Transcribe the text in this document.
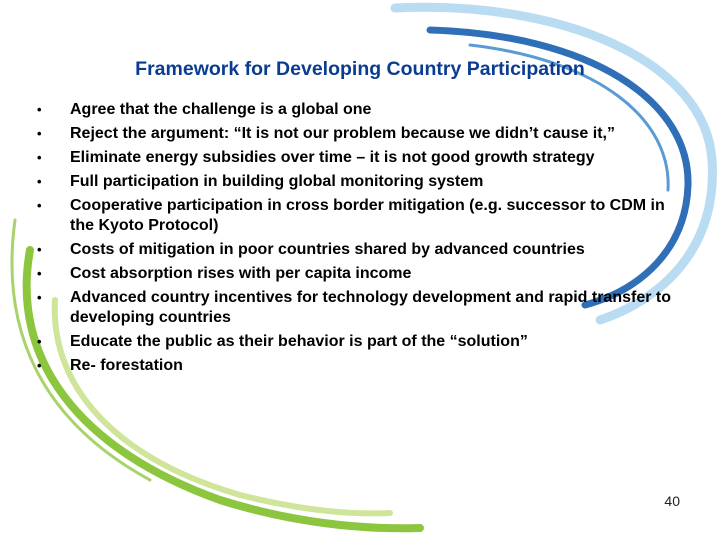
Framework for Developing Country Participation
• Agree that the challenge is a global one
• Reject the argument: “It is not our problem because we didn’t cause it,”
• Eliminate energy subsidies over time – it is not good growth strategy
• Full participation in building global monitoring system
• Cooperative participation in cross border mitigation (e.g. successor to CDM in the Kyoto Protocol)
• Costs of mitigation in poor countries shared by advanced countries
• Cost absorption rises with per capita income
• Advanced country incentives for technology development and rapid transfer to developing countries
• Educate the public as their behavior is part of the “solution”
• Re- forestation
40
